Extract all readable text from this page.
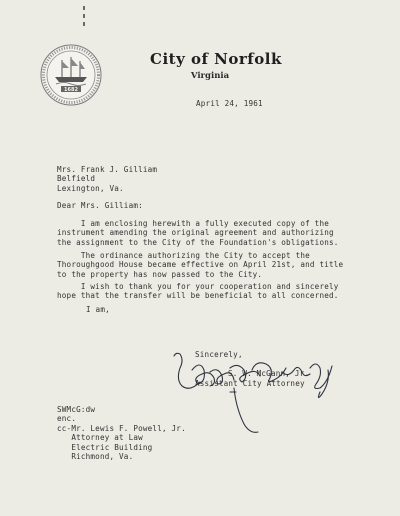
1682
City of Norfolk
Virginia
April 24, 1961
Mrs. Frank J. Gilliam
Belfield
Lexington, Va.
Dear Mrs. Gilliam:
I am enclosing herewith a fully executed copy of the
instrument amending the original agreement and authorizing
the assignment to the City of the Foundation's obligations.
The ordinance authorizing the City to accept the
Thoroughgood House became effective on April 21st, and title
to the property has now passed to the City.
I wish to thank you for your cooperation and sincerely
hope that the transfer will be beneficial to all concerned.
I am,
Sincerely,
S. W. McGann, Jr.
Assistant City Attorney
SWMcG:dw
enc.
cc-Mr. Lewis F. Powell, Jr.
Attorney at Law
Electric Building
Richmond, Va.
